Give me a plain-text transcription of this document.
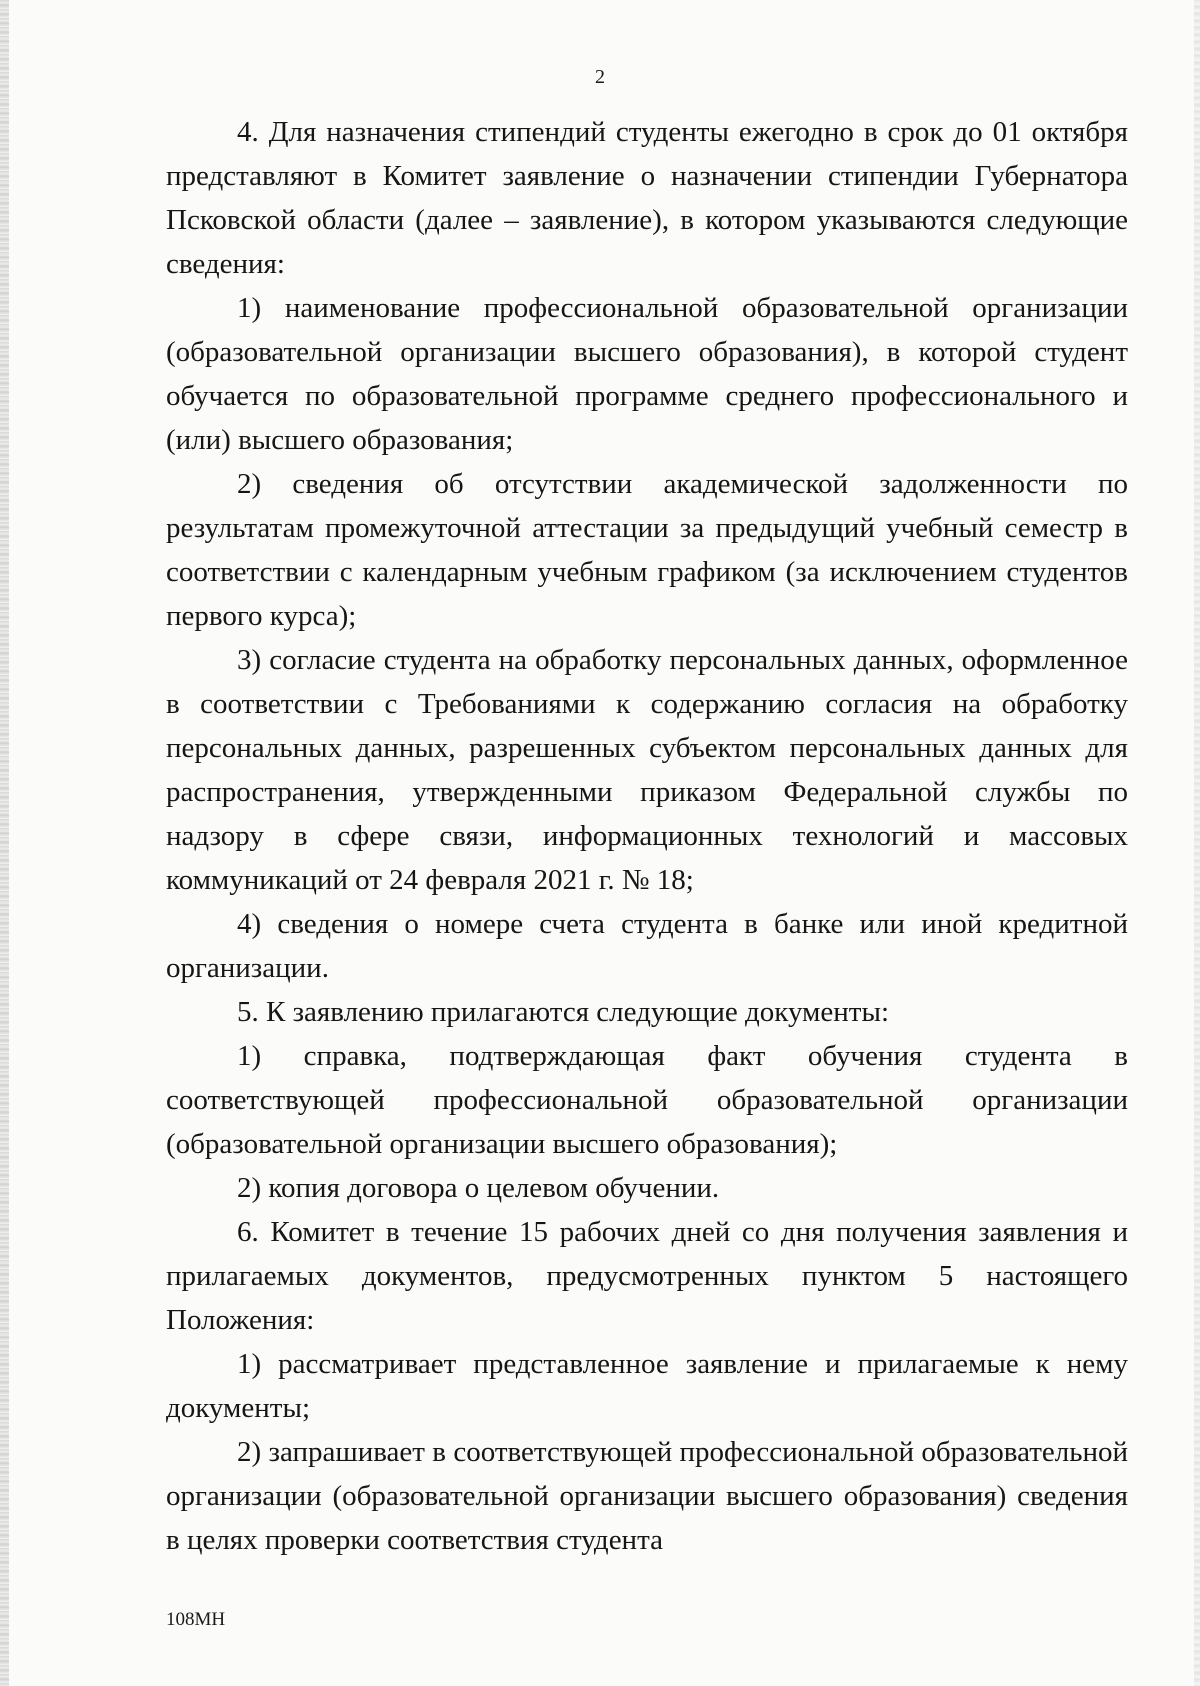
2

4. Для назначения стипендий студенты ежегодно в срок до 01 октября представляют в Комитет заявление о назначении стипендии Губернатора Псковской области (далее – заявление), в котором указываются следующие сведения:

1) наименование профессиональной образовательной организации (образовательной организации высшего образования), в которой студент обучается по образовательной программе среднего профессионального и (или) высшего образования;

2) сведения об отсутствии академической задолженности по результатам промежуточной аттестации за предыдущий учебный семестр в соответствии с календарным учебным графиком (за исключением студентов первого курса);

3) согласие студента на обработку персональных данных, оформленное в соответствии с Требованиями к содержанию согласия на обработку персональных данных, разрешенных субъектом персональных данных для распространения, утвержденными приказом Федеральной службы по надзору в сфере связи, информационных технологий и массовых коммуникаций от 24 февраля 2021 г. № 18;

4) сведения о номере счета студента в банке или иной кредитной организации.

5. К заявлению прилагаются следующие документы:

1) справка, подтверждающая факт обучения студента в соответствующей профессиональной образовательной организации (образовательной организации высшего образования);

2) копия договора о целевом обучении.

6. Комитет в течение 15 рабочих дней со дня получения заявления и прилагаемых документов, предусмотренных пунктом 5 настоящего Положения:

1) рассматривает представленное заявление и прилагаемые к нему документы;

2) запрашивает в соответствующей профессиональной образовательной организации (образовательной организации высшего образования) сведения в целях проверки соответствия студента

108МН
